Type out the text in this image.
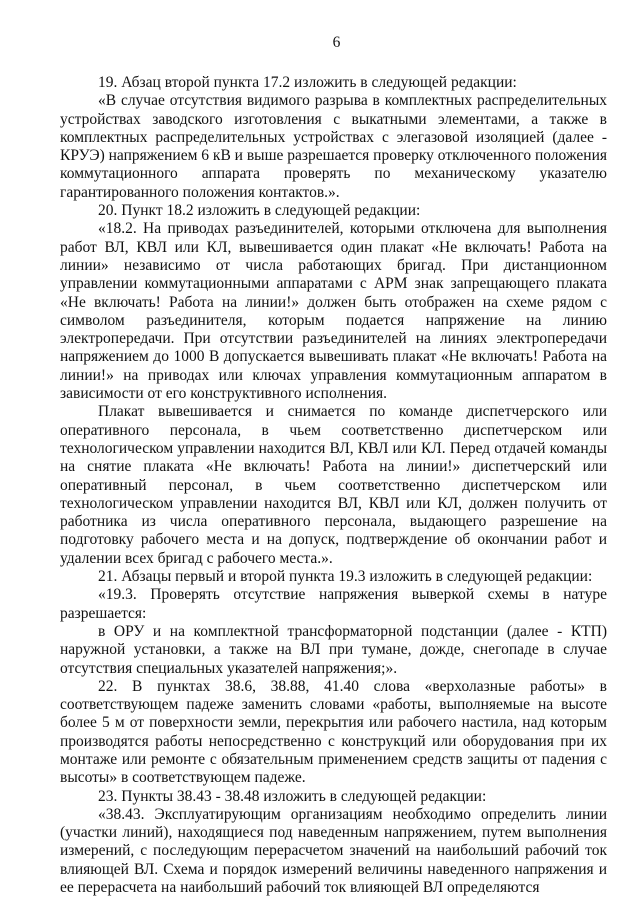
6

19. Абзац второй пункта 17.2 изложить в следующей редакции:

«В случае отсутствия видимого разрыва в комплектных распределительных устройствах заводского изготовления с выкатными элементами, а также в комплектных распределительных устройствах с элегазовой изоляцией (далее - КРУЭ) напряжением 6 кВ и выше разрешается проверку отключенного положения коммутационного аппарата проверять по механическому указателю гарантированного положения контактов.».

20. Пункт 18.2 изложить в следующей редакции:

«18.2. На приводах разъединителей, которыми отключена для выполнения работ ВЛ, КВЛ или КЛ, вывешивается один плакат «Не включать! Работа на линии» независимо от числа работающих бригад. При дистанционном управлении коммутационными аппаратами с АРМ знак запрещающего плаката «Не включать! Работа на линии!» должен быть отображен на схеме рядом с символом разъединителя, которым подается напряжение на линию электропередачи. При отсутствии разъединителей на линиях электропередачи напряжением до 1000 В допускается вывешивать плакат «Не включать! Работа на линии!» на приводах или ключах управления коммутационным аппаратом в зависимости от его конструктивного исполнения.

Плакат вывешивается и снимается по команде диспетчерского или оперативного персонала, в чьем соответственно диспетчерском или технологическом управлении находится ВЛ, КВЛ или КЛ. Перед отдачей команды на снятие плаката «Не включать! Работа на линии!» диспетчерский или оперативный персонал, в чьем соответственно диспетчерском или технологическом управлении находится ВЛ, КВЛ или КЛ, должен получить от работника из числа оперативного персонала, выдающего разрешение на подготовку рабочего места и на допуск, подтверждение об окончании работ и удалении всех бригад с рабочего места.».

21. Абзацы первый и второй пункта 19.3 изложить в следующей редакции:

«19.3. Проверять отсутствие напряжения выверкой схемы в натуре разрешается:

в ОРУ и на комплектной трансформаторной подстанции (далее - КТП) наружной установки, а также на ВЛ при тумане, дожде, снегопаде в случае отсутствия специальных указателей напряжения;».

22. В пунктах 38.6, 38.88, 41.40 слова «верхолазные работы» в соответствующем падеже заменить словами «работы, выполняемые на высоте более 5 м от поверхности земли, перекрытия или рабочего настила, над которым производятся работы непосредственно с конструкций или оборудования при их монтаже или ремонте с обязательным применением средств защиты от падения с высоты» в соответствующем падеже.

23. Пункты 38.43 - 38.48 изложить в следующей редакции:

«38.43. Эксплуатирующим организациям необходимо определить линии (участки линий), находящиеся под наведенным напряжением, путем выполнения измерений, с последующим перерасчетом значений на наибольший рабочий ток влияющей ВЛ. Схема и порядок измерений величины наведенного напряжения и ее перерасчета на наибольший рабочий ток влияющей ВЛ определяются
